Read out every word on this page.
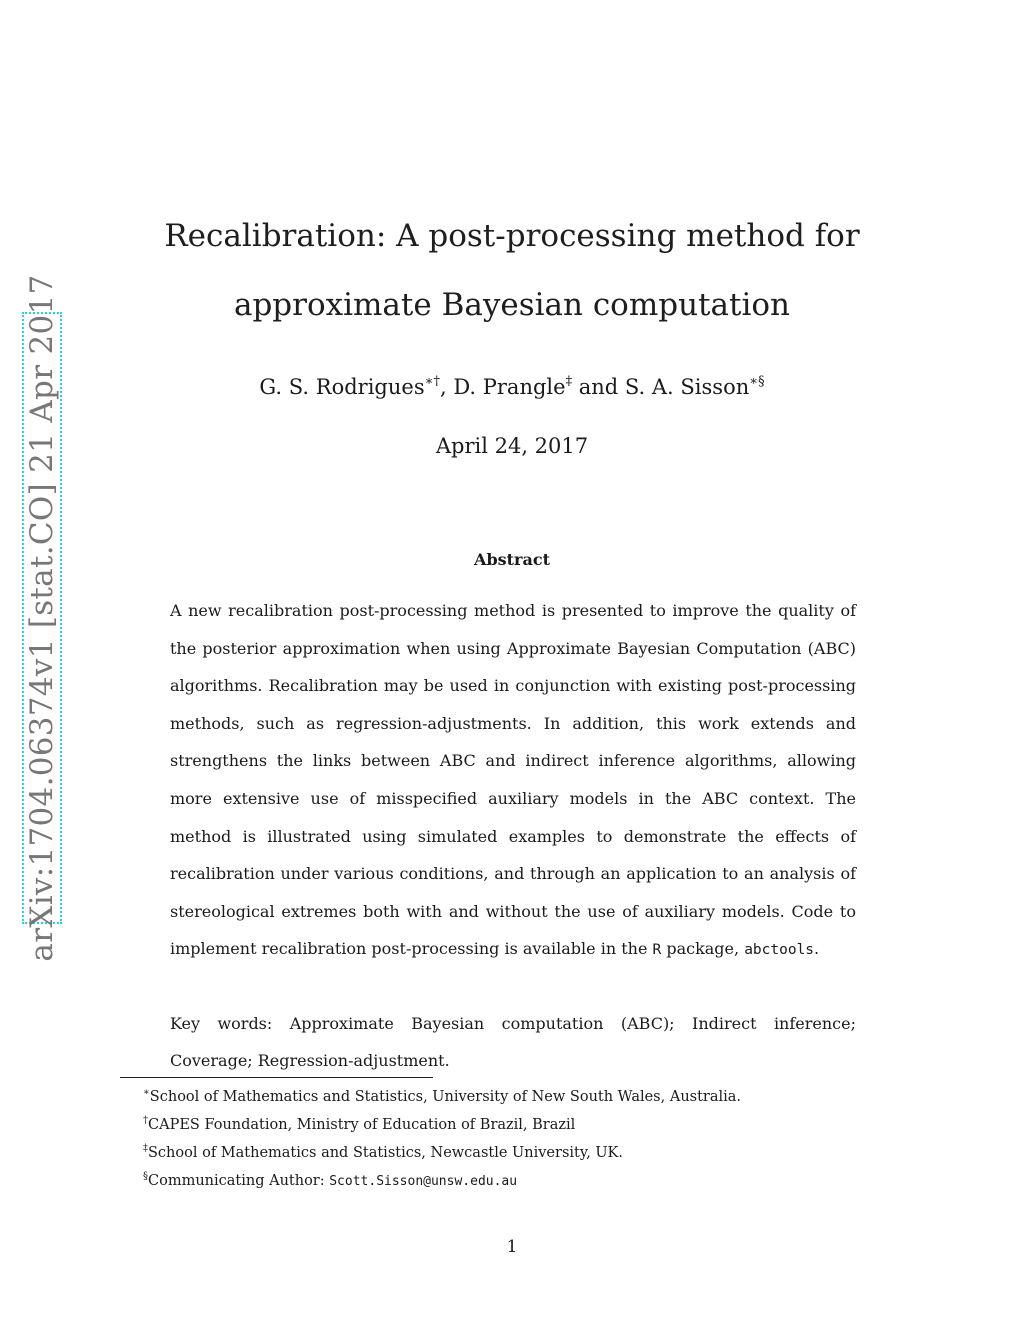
arXiv:1704.06374v1 [stat.CO] 21 Apr 2017
Recalibration: A post-processing method for
approximate Bayesian computation
G. S. Rodrigues∗†, D. Prangle‡ and S. A. Sisson∗§
April 24, 2017
Abstract

A new recalibration post-processing method is presented to improve the quality of the posterior approximation when using Approximate Bayesian Computation (ABC) algorithms. Recalibration may be used in conjunction with existing post-processing methods, such as regression-adjustments. In addition, this work extends and strengthens the links between ABC and indirect inference algorithms, allowing more extensive use of misspecified auxiliary models in the ABC context. The method is illustrated using simulated examples to demonstrate the effects of recalibration under various conditions, and through an application to an analysis of stereological extremes both with and without the use of auxiliary models. Code to implement recalibration post-processing is available in the R package, abctools.

Key words: Approximate Bayesian computation (ABC); Indirect inference; Coverage; Regression-adjustment.

∗School of Mathematics and Statistics, University of New South Wales, Australia.
†CAPES Foundation, Ministry of Education of Brazil, Brazil
‡School of Mathematics and Statistics, Newcastle University, UK.
§Communicating Author: Scott.Sisson@unsw.edu.au
1
